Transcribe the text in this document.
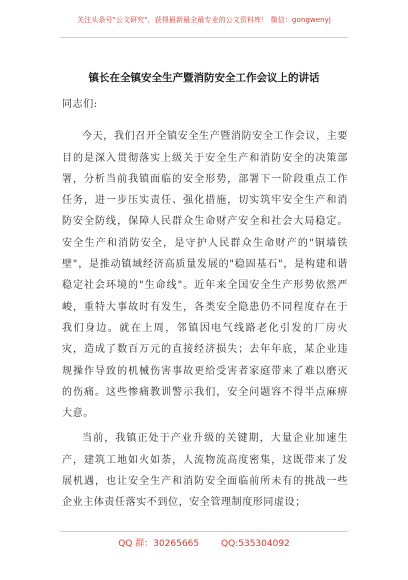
关注头条号"公文研究"，获得最新最全最专业的公文资料库！ 微信：gongwenyj
镇长在全镇安全生产暨消防安全工作会议上的讲话

同志们:

今天，我们召开全镇安全生产暨消防安全工作会议，主要目的是深入贯彻落实上级关于安全生产和消防安全的决策部署，分析当前我镇面临的安全形势，部署下一阶段重点工作任务，进一步压实责任、强化措施，切实筑牢安全生产和消防安全防线，保障人民群众生命财产安全和社会大局稳定。安全生产和消防安全，是守护人民群众生命财产的"铜墙铁壁"，是推动镇域经济高质量发展的"稳固基石"，是构建和谐稳定社会环境的"生命线"。近年来全国安全生产形势依然严峻，重特大事故时有发生，各类安全隐患仍不同程度存在于我们身边。就在上周，邻镇因电气线路老化引发的厂房火灾，造成了数百万元的直接经济损失；去年年底，某企业违规操作导致的机械伤害事故更给受害者家庭带来了难以磨灭的伤痛。这些惨痛教训警示我们，安全问题容不得半点麻痹大意。

当前，我镇正处于产业升级的关键期，大量企业加速生产，建筑工地如火如荼，人流物流高度密集，这既带来了发展机遇，也让安全生产和消防安全面临前所未有的挑战一些企业主体责任落实不到位，安全管理制度形同虚设；

QQ 群：30265665 QQ:535304092
